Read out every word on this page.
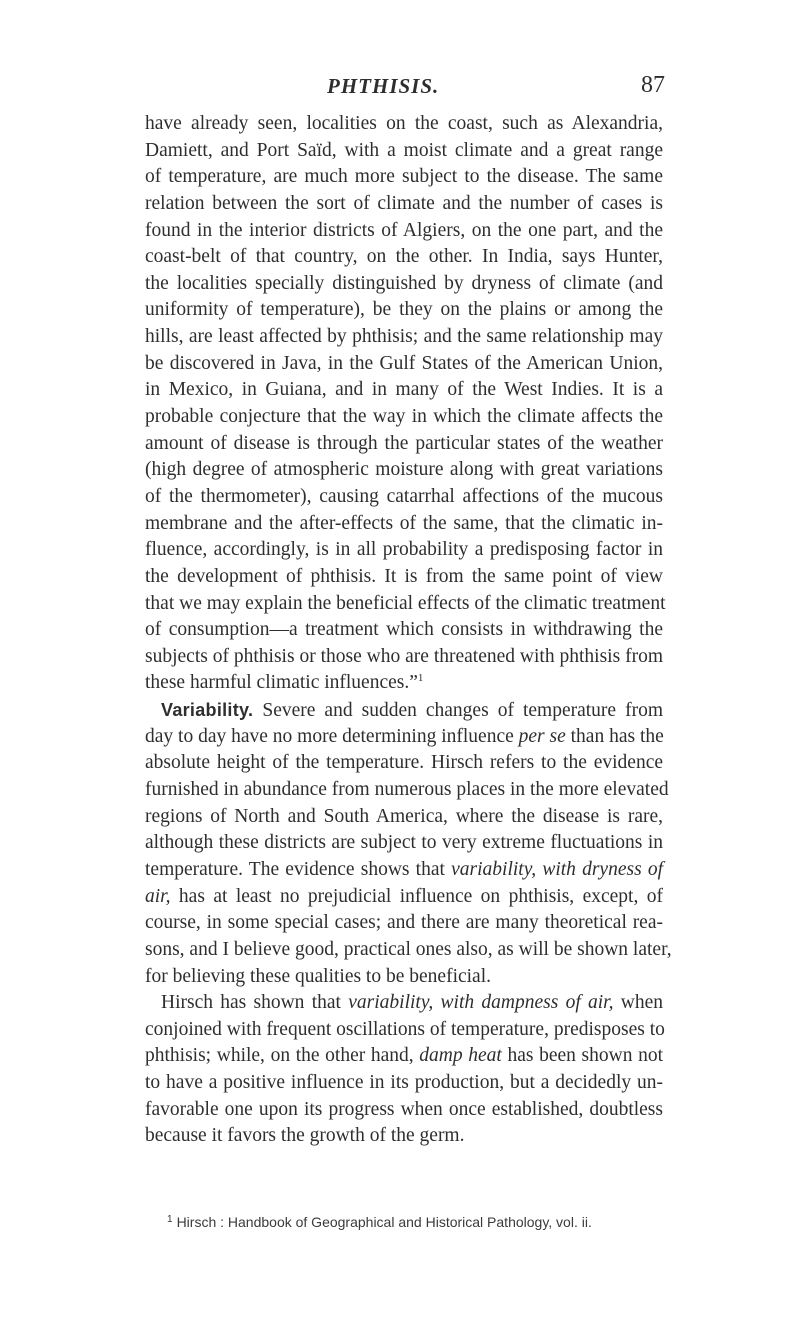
PHTHISIS.	87
have already seen, localities on the coast, such as Alexandria,
Damiett, and Port Saïd, with a moist climate and a great range
of temperature, are much more subject to the disease. The same
relation between the sort of climate and the number of cases is
found in the interior districts of Algiers, on the one part, and the
coast-belt of that country, on the other. In India, says Hunter,
the localities specially distinguished by dryness of climate (and
uniformity of temperature), be they on the plains or among the
hills, are least affected by phthisis; and the same relationship may
be discovered in Java, in the Gulf States of the American Union,
in Mexico, in Guiana, and in many of the West Indies. It is a
probable conjecture that the way in which the climate affects the
amount of disease is through the particular states of the weather
(high degree of atmospheric moisture along with great variations
of the thermometer), causing catarrhal affections of the mucous
membrane and the after-effects of the same, that the climatic in-
fluence, accordingly, is in all probability a predisposing factor in
the development of phthisis. It is from the same point of view
that we may explain the beneficial effects of the climatic treatment
of consumption—a treatment which consists in withdrawing the
subjects of phthisis or those who are threatened with phthisis from
these harmful climatic influences.”$^1$
Variability. Severe and sudden changes of temperature from
day to day have no more determining influence per se than has the
absolute height of the temperature. Hirsch refers to the evidence
furnished in abundance from numerous places in the more elevated
regions of North and South America, where the disease is rare,
although these districts are subject to very extreme fluctuations in
temperature. The evidence shows that variability, with dryness of
air, has at least no prejudicial influence on phthisis, except, of
course, in some special cases; and there are many theoretical rea-
sons, and I believe good, practical ones also, as will be shown later,
for believing these qualities to be beneficial.
Hirsch has shown that variability, with dampness of air, when
conjoined with frequent oscillations of temperature, predisposes to
phthisis; while, on the other hand, damp heat has been shown not
to have a positive influence in its production, but a decidedly un-
favorable one upon its progress when once established, doubtless
because it favors the growth of the germ.
$^1$ Hirsch : Handbook of Geographical and Historical Pathology, vol. ii.
